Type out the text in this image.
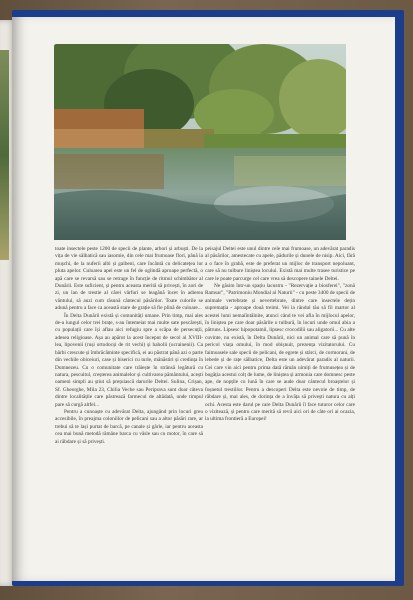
toate insectele peste 1200 de specii de plante, arbori și arbuști. De la vița de vie sălbatică sau iasomie, din cele mai frumoase flori, până la mușchi, de la nuferii albi și galbeni, care încântă cu delicatețea lor pluta apelor. Culoarea apei este un fel de oglindă aproape perfectă, o apă care se revarsă sau se retrage în funcție de ritmul schimbător al Dunării. Este suficient, și pentru aceasta merită să privești, în zori de zi, un lan de trestie al cărei vârfuri se leagănă încet în adierea vântului, să auzi cum răsună cântecul păsărilor. Toate culorile se adună pentru a face ca această stare de grație să fie plină de culoare...

În Delta Dunării există și comunități umane. Prin timp, mai ales de-a lungul celor trei brațe, s-au întemeiat mai multe sate pescărești, cu populații care își aflau aici refugiu spre a scăpa de persecuții, adesea religioase. Așa au apărut la acest început de secol al XVIII-lea, lipovenii (ruși ortodocși de rit vechi) și haholii (ucrainenii). Ca bărbi crescute și îmbrăcăminte specifică, ei au păstrat până azi o parte din vechile obiceiuri, case și biserici cu turle, mănăstiri și credința în Dumnezeu. Cu o comunitate care trăiește în strânsă legătură cu natura, pescuitul, creșterea animalelor și cultivarea pământului, acești oameni simpli au știut să prețuiască darurile Deltei. Sulina, Crișan, Sf. Gheorghe, Mila 23, Chilia Veche sau Periprava sunt doar câteva dintre localitățile care păstrează farmecul de altădată, unde timpul pare să curgă altfel...

Pentru a cunoaște cu adevărat Delta, ajungând prin locuri greu accesibile, în preajma coloniilor de pelicani sau a altor păsări rare, ar trebui să te lași purtat de barcă, pe canale și gârle, iar pentru aceasta cea mai bună metodă rămâne barca cu vâsle sau cu motor, în care să ai răbdare și să privești.

peisajul Deltei este unul dintre cele mai frumoase, un adevărat paradis al păsărilor, amestecate cu apele, pădurile și dunele de nisip. Aici, fără a o face în grabă, este de preferat un mijloc de transport nepoluant, care să nu tulbure liniștea locului. Există mai multe trasee turistice pe care le poate parcurge cel care vrea să descopere tainele Deltei.

Ne găsim într-un spațiu lacustru - "Rezervație a biosferei", "zonă Ramsar", "Patrimoniu Mondial al Naturii" - cu peste 3400 de specii de animale vertebrate și nevertebrate, dintre care insectele dețin supremația - aproape două treimi. Vei la rândul tău să fii martor al acestei lumi nemaiîntâlnite, atunci când te vei afla în mijlocul apelor, în liniștea pe care doar păsările o tulbură, în locuri unde omul abia a pătruns. Lipsesc hipopotamii, lipsesc crocodilii sau aligatorii... Cu alte cuvinte, nu există, în Delta Dunării, nici un animal care să pună în pericol viața omului, în mod obișnuit, prezența vizitatorului. Cu faimoasele sale specii de pelicani, de egrete și stârci, de cormorani, de lebede și de rațe sălbatice, Delta este un adevărat paradis al naturii. Cei care vin aici pentru prima dată rămân uimiți de frumusețea și de bogăția acestui colț de lume, de liniștea și armonia care domnesc peste ape, de nopțile cu lună în care se aude doar cântecul broaștelor și foșnetul trestiilor. Pentru a descoperi Delta este nevoie de timp, de răbdare și, mai ales, de dorința de a învăța să privești natura cu alți ochi. Acesta este darul pe care Delta Dunării îl face tuturor celor care o vizitează, și pentru care merită să revii aici ori de câte ori ai ocazia, la ultima frontieră a Europei!
